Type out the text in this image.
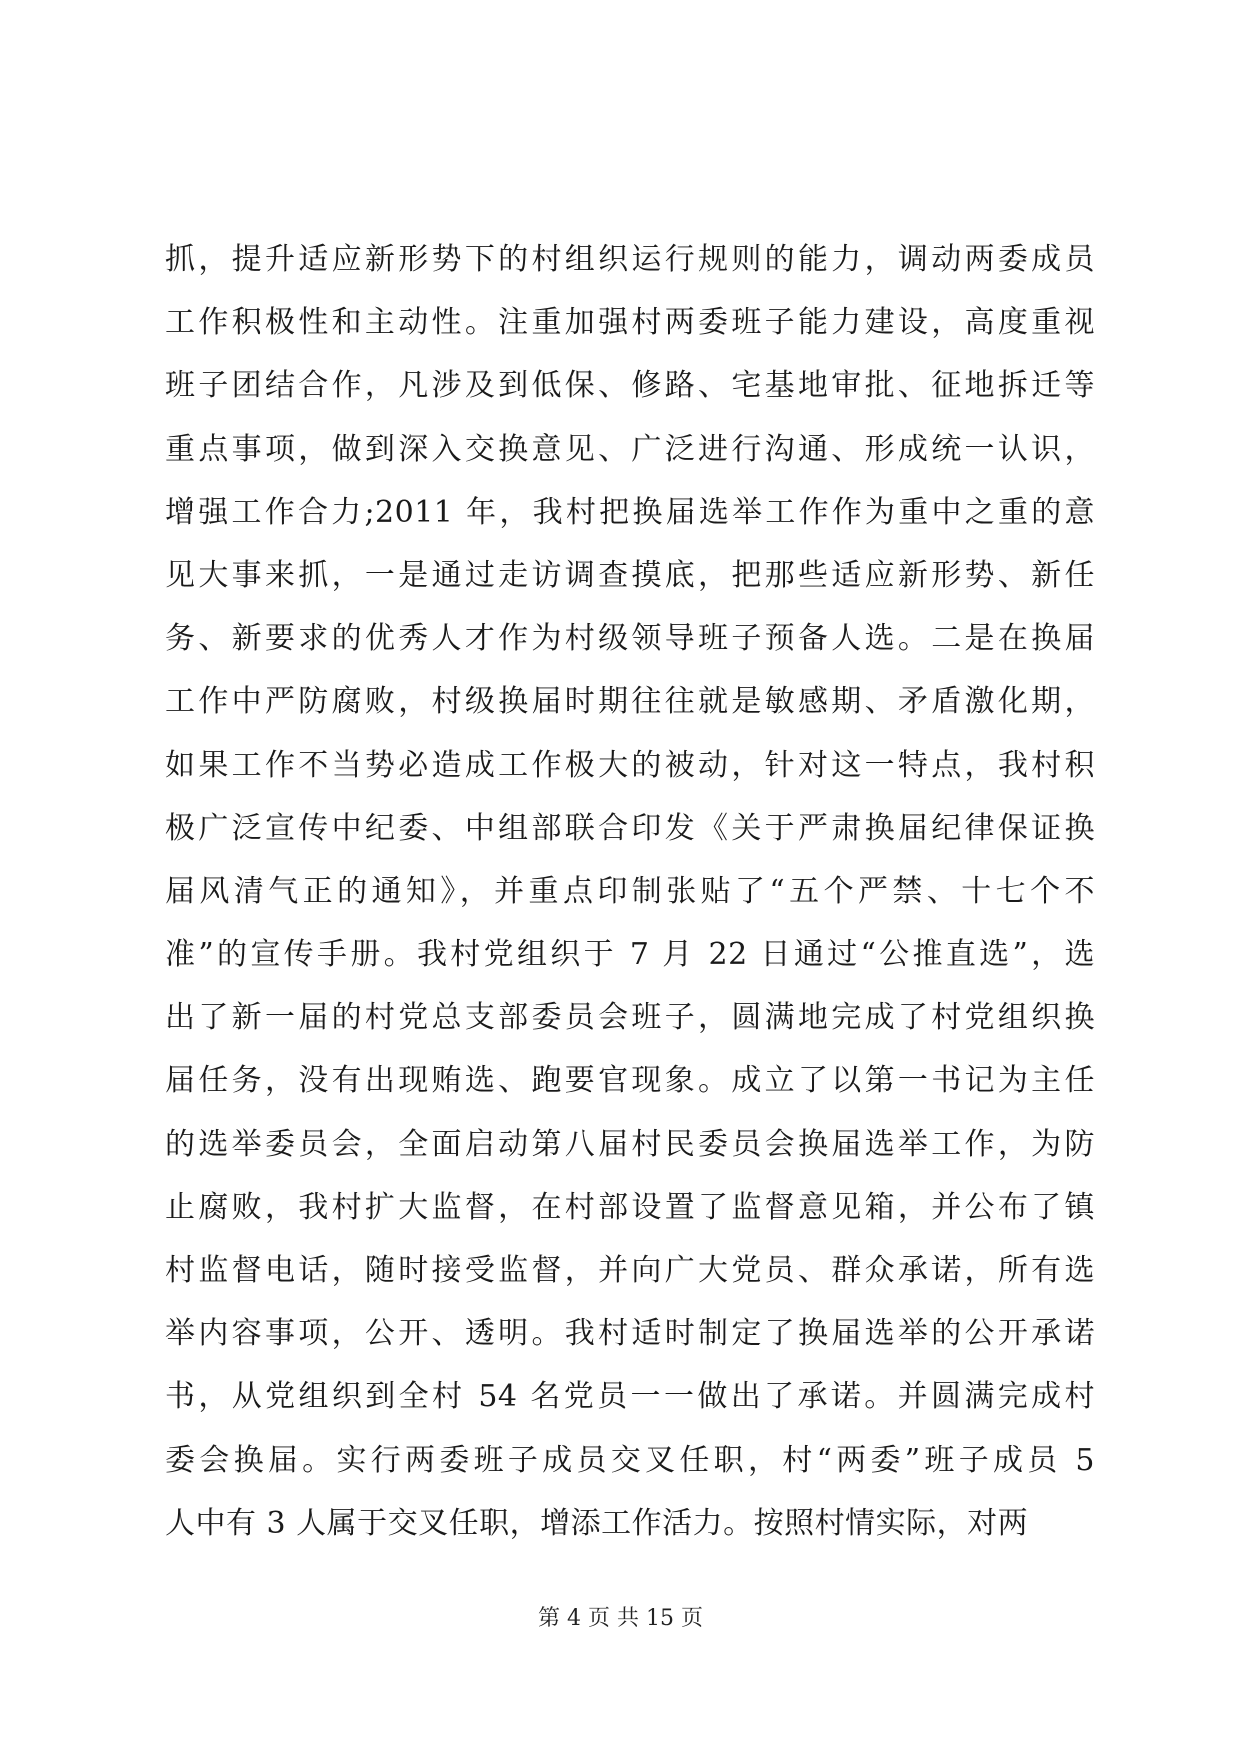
抓，提升适应新形势下的村组织运行规则的能力，调动两委成员
工作积极性和主动性。注重加强村两委班子能力建设，高度重视
班子团结合作，凡涉及到低保、修路、宅基地审批、征地拆迁等
重点事项，做到深入交换意见、广泛进行沟通、形成统一认识，
增强工作合力;2011 年，我村把换届选举工作作为重中之重的意
见大事来抓，一是通过走访调查摸底，把那些适应新形势、新任
务、新要求的优秀人才作为村级领导班子预备人选。二是在换届
工作中严防腐败，村级换届时期往往就是敏感期、矛盾激化期，
如果工作不当势必造成工作极大的被动，针对这一特点，我村积
极广泛宣传中纪委、中组部联合印发《关于严肃换届纪律保证换
届风清气正的通知》，并重点印制张贴了“五个严禁、十七个不
准”的宣传手册。我村党组织于 7 月 22 日通过“公推直选”，选
出了新一届的村党总支部委员会班子，圆满地完成了村党组织换
届任务，没有出现贿选、跑要官现象。成立了以第一书记为主任
的选举委员会，全面启动第八届村民委员会换届选举工作，为防
止腐败，我村扩大监督，在村部设置了监督意见箱，并公布了镇
村监督电话，随时接受监督，并向广大党员、群众承诺，所有选
举内容事项，公开、透明。我村适时制定了换届选举的公开承诺
书，从党组织到全村 54 名党员一一做出了承诺。并圆满完成村
委会换届。实行两委班子成员交叉任职，村“两委”班子成员 5
人中有 3 人属于交叉任职，增添工作活力。按照村情实际，对两
第 4 页 共 15 页
